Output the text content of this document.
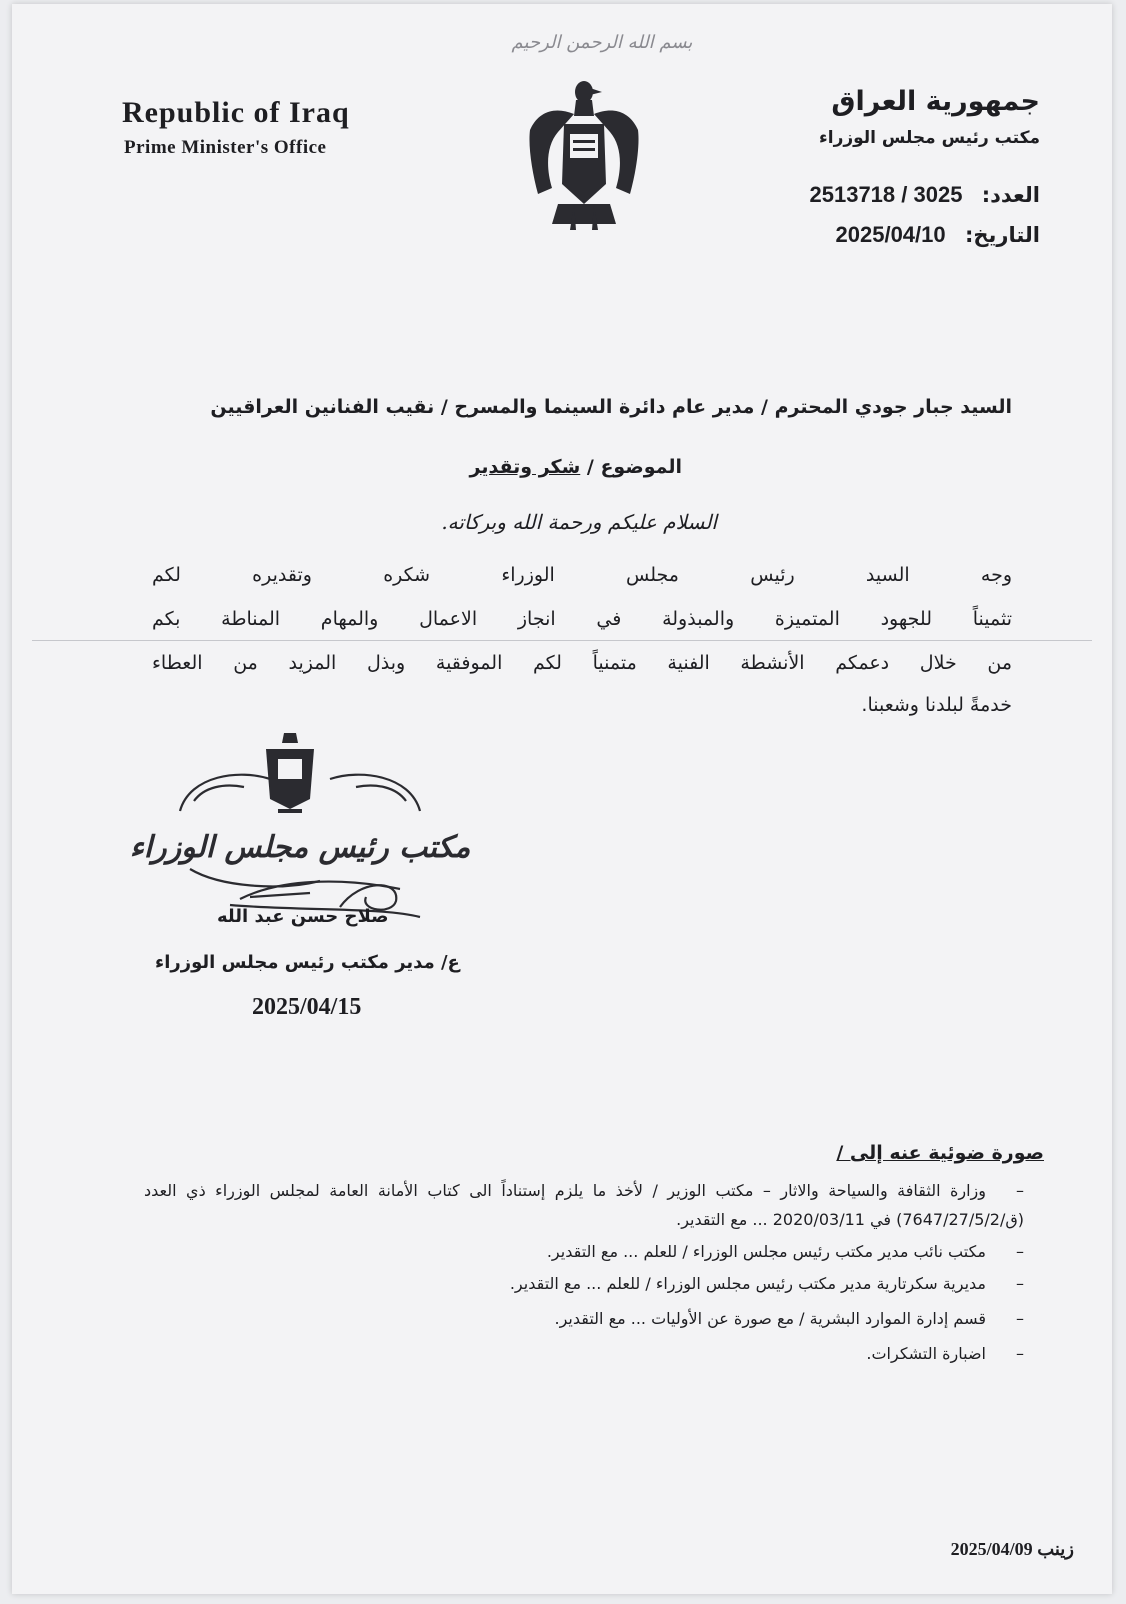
بسم الله الرحمن الرحيم
Republic of Iraq
Prime Minister's Office
جمهورية العراق
مكتب رئيس مجلس الوزراء
العدد: 2513718 / 3025
التاريخ: 2025/04/10
السيد جبار جودي المحترم / مدير عام دائرة السينما والمسرح / نقيب الفنانين العراقيين
الموضوع / شكر وتقدير
السلام عليكم ورحمة الله وبركاته.
وجه السيد رئيس مجلس الوزراء شكره وتقديره لكم
تثميناً للجهود المتميزة والمبذولة في انجاز الاعمال والمهام المناطة بكم
من خلال دعمكم الأنشطة الفنية متمنياً لكم الموفقية وبذل المزيد من العطاء
خدمةً لبلدنا وشعبنا.
مكتب رئيس مجلس الوزراء
صلاح حسن عبد الله
ع/ مدير مكتب رئيس مجلس الوزراء
2025/04/15
صورة ضوئية عنه إلى /
–وزارة الثقافة والسياحة والاثار – مكتب الوزير / لأخذ ما يلزم إستناداً الى كتاب الأمانة العامة لمجلس الوزراء ذي العدد (ق/7647/27/5/2) في 2020/03/11 ... مع التقدير.
–مكتب نائب مدير مكتب رئيس مجلس الوزراء / للعلم ... مع التقدير.
–مديرية سكرتارية مدير مكتب رئيس مجلس الوزراء / للعلم ... مع التقدير.
–قسم إدارة الموارد البشرية / مع صورة عن الأوليات ... مع التقدير.
–اضبارة التشكرات.
زينب 2025/04/09
